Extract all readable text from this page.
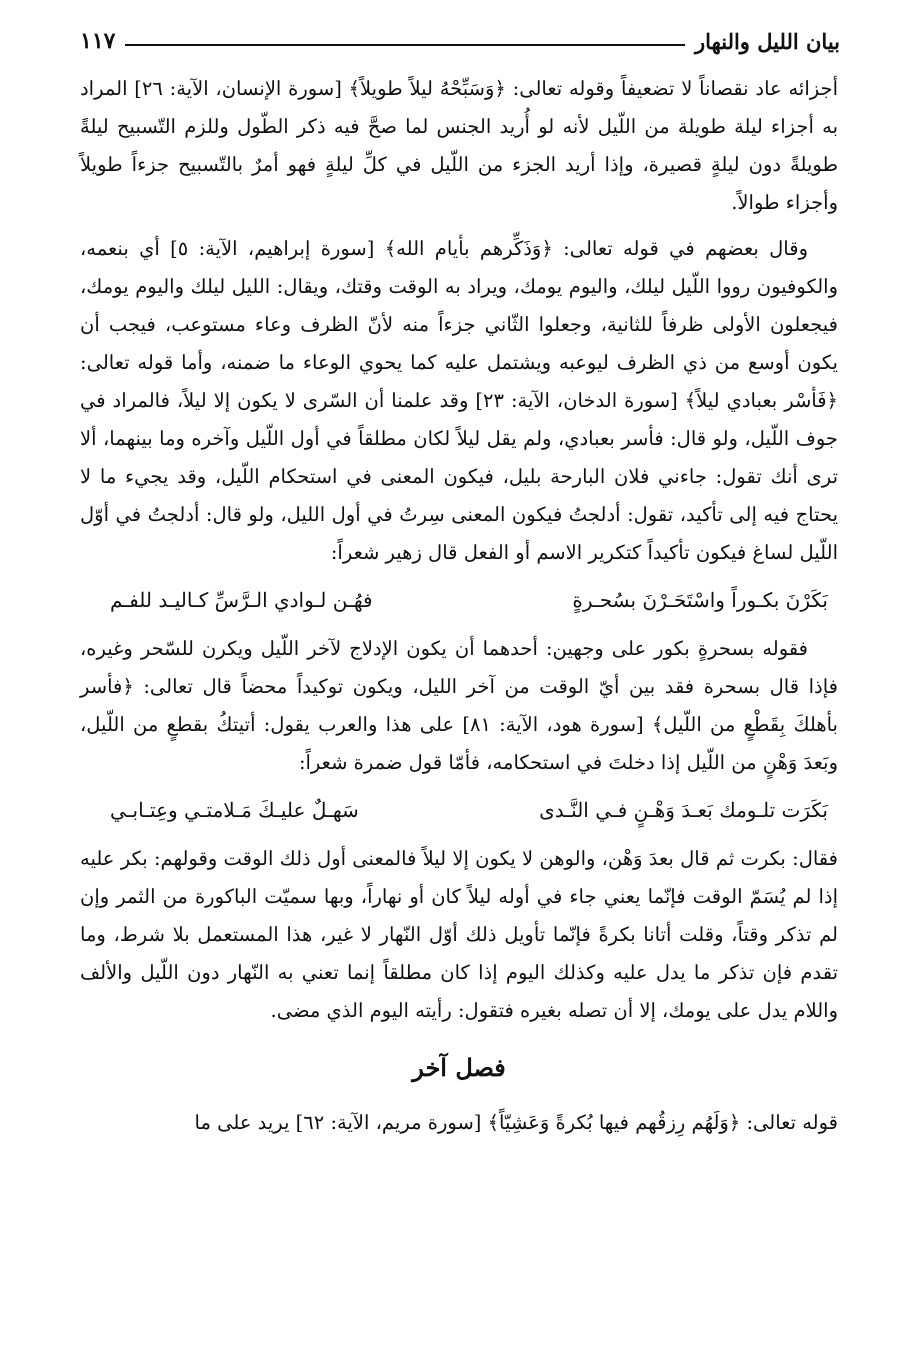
بيان الليل والنهار
١١٧

أجزائه عاد نقصاناً لا تضعيفاً وقوله تعالى: ﴿وَسَبِّحْهُ ليلاً طويلاً﴾ [سورة الإنسان، الآية: ٢٦] المراد به أجزاء ليلة طويلة من اللّيل لأنه لو أُريد الجنس لما صحَّ فيه ذكر الطّول وللزم التّسبيح ليلةً طويلةً دون ليلةٍ قصيرة، وإذا أريد الجزء من اللّيل في كلِّ ليلةٍ فهو أمرٌ بالتّسبيح جزءاً طويلاً وأجزاء طوالاً.

وقال بعضهم في قوله تعالى: ﴿وَذَكِّرهم بأيام الله﴾ [سورة إبراهيم، الآية: ٥] أي بنعمه، والكوفيون رووا اللّيل ليلك، واليوم يومك، ويراد به الوقت وقتك، ويقال: الليل ليلك واليوم يومك، فيجعلون الأولى ظرفاً للثانية، وجعلوا الثّاني جزءاً منه لأنّ الظرف وعاء مستوعب، فيجب أن يكون أوسع من ذي الظرف ليوعبه ويشتمل عليه كما يحوي الوعاء ما ضمنه، وأما قوله تعالى: ﴿فَأسْر بعبادي ليلاً﴾ [سورة الدخان، الآية: ٢٣] وقد علمنا أن السّرى لا يكون إلا ليلاً، فالمراد في جوف اللّيل، ولو قال: فأسر بعبادي، ولم يقل ليلاً لكان مطلقاً في أول اللّيل وآخره وما بينهما، ألا ترى أنك تقول: جاءني فلان البارحة بليل، فيكون المعنى في استحكام اللّيل، وقد يجيء ما لا يحتاج فيه إلى تأكيد، تقول: أدلجتُ فيكون المعنى سِرتُ في أول الليل، ولو قال: أدلجتُ في أوّل اللّيل لساغ فيكون تأكيداً كتكرير الاسم أو الفعل قال زهير شعراً:

بَكَرْنَ بكـوراً واسْتَحَـرْنَ بسُحـرةٍ
فهُـن لـوادي الـرَّسِّ كـاليـد للفـم

فقوله بسحرةٍ بكور على وجهين: أحدهما أن يكون الإدلاج لآخر اللّيل ويكرن للسّحر وغيره، فإذا قال بسحرة فقد بين أيّ الوقت من آخر الليل، ويكون توكيداً محضاً قال تعالى: ﴿فأسر بأهلكَ بِقَطْعٍ من اللّيل﴾ [سورة هود، الآية: ٨١] على هذا والعرب يقول: أتيتكُ بقطعٍ من اللّيل، وبَعدَ وَهْنٍ من اللّيل إذا دخلتَ في استحكامه، فأمّا قول ضمرة شعراً:

بَكَرَت تلـومك بَعـدَ وَهْـنٍ فـي النَّـدى
سَهـلٌ عليـكَ مَـلامتـي وعِتـابـي

فقال: بكرت ثم قال بعدَ وَهْن، والوهن لا يكون إلا ليلاً فالمعنى أول ذلك الوقت وقولهم: بكر عليه إذا لم يُسَمّ الوقت فإنّما يعني جاء في أوله ليلاً كان أو نهاراً، وبها سميّت الباكورة من الثمر وإن لم تذكر وقتاً، وقلت أتانا بكرةً فإنّما تأويل ذلك أوّل النّهار لا غير، هذا المستعمل بلا شرط، وما تقدم فإن تذكر ما يدل عليه وكذلك اليوم إذا كان مطلقاً إنما تعني به النّهار دون اللّيل والألف واللام يدل على يومك، إلا أن تصله بغيره فتقول: رأيته اليوم الذي مضى.

فصل آخر

قوله تعالى: ﴿وَلَهُم رِزقُهم فيها بُكرةً وَعَشِيّاً﴾ [سورة مريم، الآية: ٦٢] يريد على ما
